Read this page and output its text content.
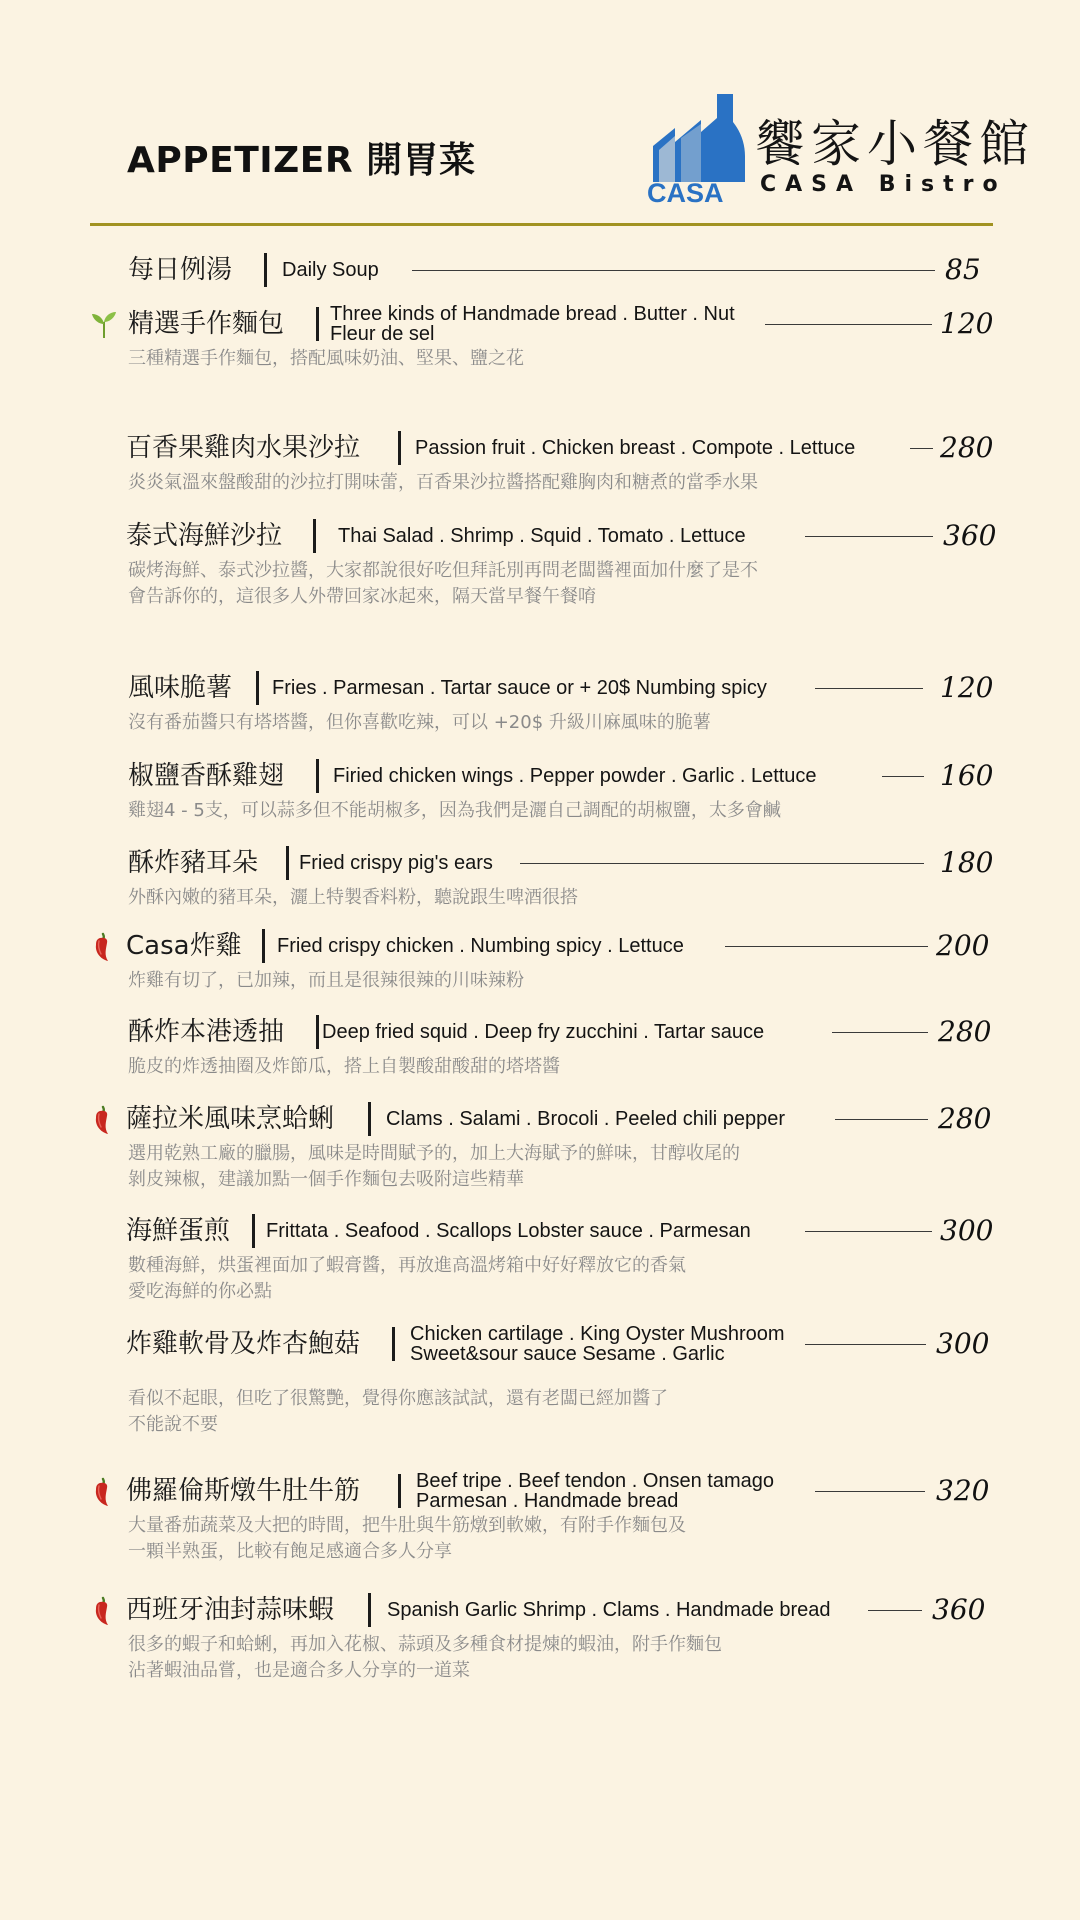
APPETIZER 開胃菜
CASA
饗家小餐館
CASA Bistro
每日例湯 Daily Soup	85
精選手作麵包 Three kinds of Handmade bread . Butter . Nut
Fleur de sel	120
三種精選手作麵包，搭配風味奶油、堅果、鹽之花
百香果雞肉水果沙拉	Passion fruit . Chicken breast . Compote . Lettuce	280
炎炎氣溫來盤酸甜的沙拉打開味蕾，百香果沙拉醬搭配雞胸肉和糖煮的當季水果
泰式海鮮沙拉	Thai Salad . Shrimp . Squid . Tomato . Lettuce	360
碳烤海鮮、泰式沙拉醬，大家都說很好吃但拜託別再問老闆醬裡面加什麼了是不
會告訴你的，這很多人外帶回家冰起來，隔天當早餐午餐唷
風味脆薯 Fries . Parmesan . Tartar sauce or + 20$ Numbing spicy	120
沒有番茄醬只有塔塔醬，但你喜歡吃辣，可以 +20$ 升級川麻風味的脆薯
椒鹽香酥雞翅 Firied chicken wings . Pepper powder . Garlic . Lettuce	160
雞翅4 - 5支，可以蒜多但不能胡椒多，因為我們是灑自己調配的胡椒鹽，太多會鹹
酥炸豬耳朵 Fried crispy pig's ears	180
外酥內嫩的豬耳朵，灑上特製香料粉，聽說跟生啤酒很搭
Casa炸雞 Fried crispy chicken . Numbing spicy . Lettuce	200
炸雞有切了，已加辣，而且是很辣很辣的川味辣粉
酥炸本港透抽 Deep fried squid . Deep fry zucchini . Tartar sauce	280
脆皮的炸透抽圈及炸節瓜，搭上自製酸甜酸甜的塔塔醬
薩拉米風味烹蛤蜊	Clams . Salami . Brocoli . Peeled chili pepper	280
選用乾熟工廠的臘腸，風味是時間賦予的，加上大海賦予的鮮味，甘醇收尾的
剝皮辣椒，建議加點一個手作麵包去吸附這些精華
海鮮蛋煎 Frittata . Seafood . Scallops Lobster sauce . Parmesan	300
數種海鮮，烘蛋裡面加了蝦膏醬，再放進高溫烤箱中好好釋放它的香氣
愛吃海鮮的你必點
炸雞軟骨及炸杏鮑菇 Chicken cartilage . King Oyster Mushroom
Sweet&sour sauce Sesame . Garlic	300
看似不起眼，但吃了很驚艷，覺得你應該試試，還有老闆已經加醬了
不能說不要
佛羅倫斯燉牛肚牛筋	Beef tripe . Beef tendon . Onsen tamago
Parmesan . Handmade bread	320
大量番茄蔬菜及大把的時間，把牛肚與牛筋燉到軟嫩，有附手作麵包及
一顆半熟蛋，比較有飽足感適合多人分享
西班牙油封蒜味蝦	Spanish Garlic Shrimp . Clams . Handmade bread	360
很多的蝦子和蛤蜊，再加入花椒、蒜頭及多種食材提煉的蝦油，附手作麵包
沾著蝦油品嘗，也是適合多人分享的一道菜
